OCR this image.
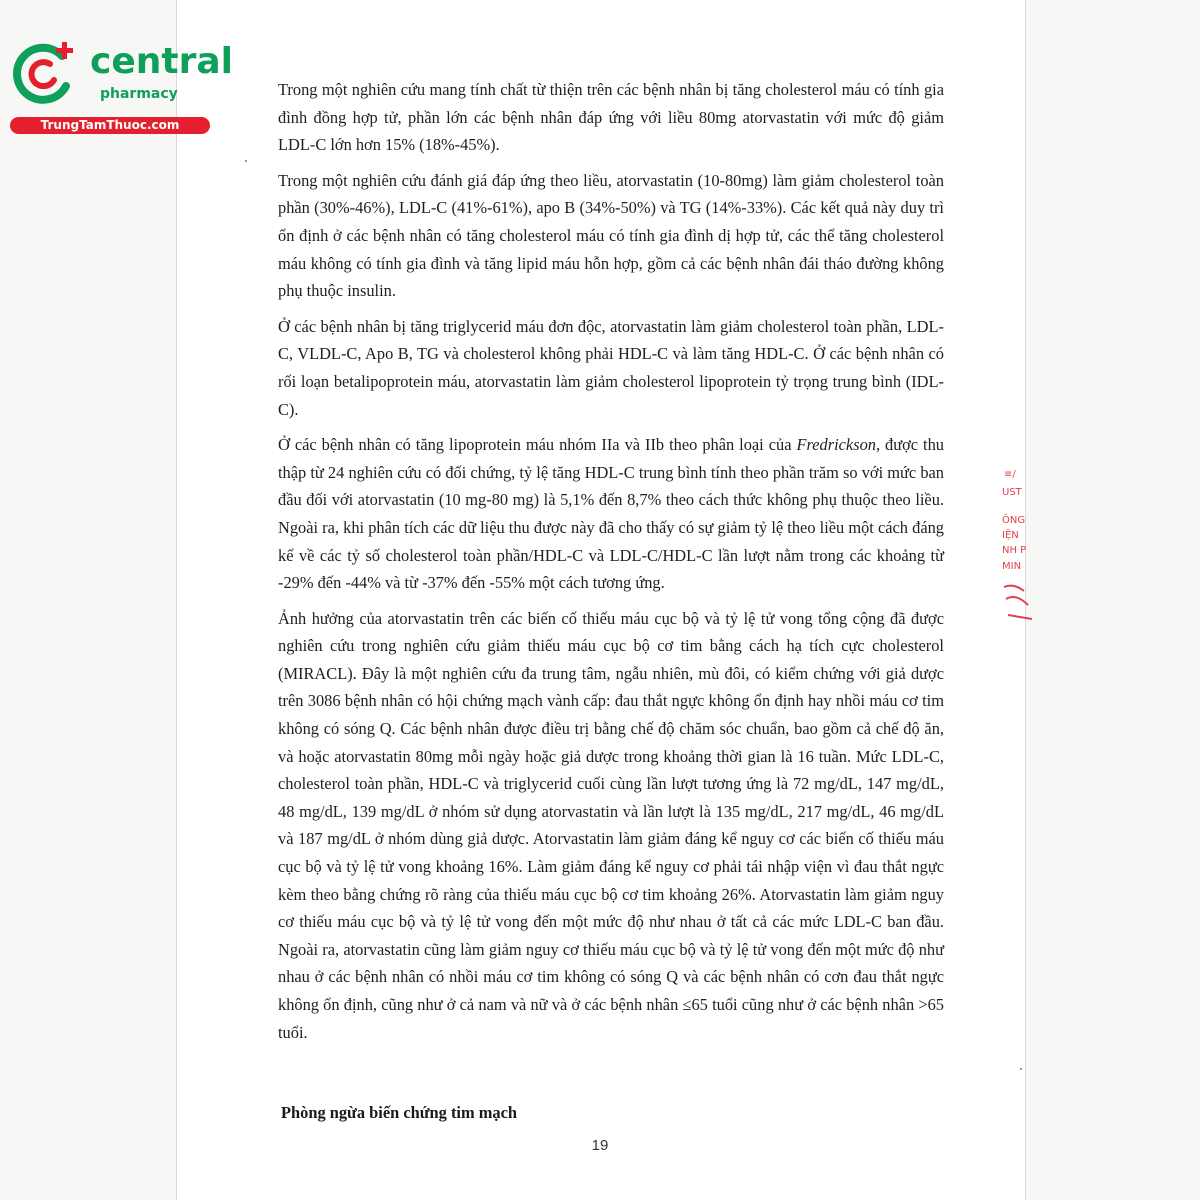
central
pharmacy
TrungTamThuoc.com

Trong một nghiên cứu mang tính chất từ thiện trên các bệnh nhân bị tăng cholesterol máu có tính gia đình đồng hợp tử, phần lớn các bệnh nhân đáp ứng với liều 80mg atorvastatin với mức độ giảm LDL-C lớn hơn 15% (18%-45%).

Trong một nghiên cứu đánh giá đáp ứng theo liều, atorvastatin (10-80mg) làm giảm cholesterol toàn phần (30%-46%), LDL-C (41%-61%), apo B (34%-50%) và TG (14%-33%). Các kết quả này duy trì ổn định ở các bệnh nhân có tăng cholesterol máu có tính gia đình dị hợp tử, các thể tăng cholesterol máu không có tính gia đình và tăng lipid máu hỗn hợp, gồm cả các bệnh nhân đái tháo đường không phụ thuộc insulin.

Ở các bệnh nhân bị tăng triglycerid máu đơn độc, atorvastatin làm giảm cholesterol toàn phần, LDL-C, VLDL-C, Apo B, TG và cholesterol không phải HDL-C và làm tăng HDL-C. Ở các bệnh nhân có rối loạn betalipoprotein máu, atorvastatin làm giảm cholesterol lipoprotein tỷ trọng trung bình (IDL-C).

Ở các bệnh nhân có tăng lipoprotein máu nhóm IIa và IIb theo phân loại của Fredrickson, được thu thập từ 24 nghiên cứu có đối chứng, tỷ lệ tăng HDL-C trung bình tính theo phần trăm so với mức ban đầu đối với atorvastatin (10 mg-80 mg) là 5,1% đến 8,7% theo cách thức không phụ thuộc theo liều. Ngoài ra, khi phân tích các dữ liệu thu được này đã cho thấy có sự giảm tỷ lệ theo liều một cách đáng kể về các tỷ số cholesterol toàn phần/HDL-C và LDL-C/HDL-C lần lượt nằm trong các khoảng từ -29% đến -44% và từ -37% đến -55% một cách tương ứng.

Ảnh hưởng của atorvastatin trên các biến cố thiếu máu cục bộ và tỷ lệ tử vong tổng cộng đã được nghiên cứu trong nghiên cứu giảm thiếu máu cục bộ cơ tim bằng cách hạ tích cực cholesterol (MIRACL). Đây là một nghiên cứu đa trung tâm, ngẫu nhiên, mù đôi, có kiểm chứng với giả dược trên 3086 bệnh nhân có hội chứng mạch vành cấp: đau thắt ngực không ổn định hay nhồi máu cơ tim không có sóng Q. Các bệnh nhân được điều trị bằng chế độ chăm sóc chuẩn, bao gồm cả chế độ ăn, và hoặc atorvastatin 80mg mỗi ngày hoặc giả dược trong khoảng thời gian là 16 tuần. Mức LDL-C, cholesterol toàn phần, HDL-C và triglycerid cuối cùng lần lượt tương ứng là 72 mg/dL, 147 mg/dL, 48 mg/dL, 139 mg/dL ở nhóm sử dụng atorvastatin và lần lượt là 135 mg/dL, 217 mg/dL, 46 mg/dL và 187 mg/dL ở nhóm dùng giả dược. Atorvastatin làm giảm đáng kể nguy cơ các biến cố thiếu máu cục bộ và tỷ lệ tử vong khoảng 16%. Làm giảm đáng kể nguy cơ phải tái nhập viện vì đau thắt ngực kèm theo bằng chứng rõ ràng của thiếu máu cục bộ cơ tim khoảng 26%. Atorvastatin làm giảm nguy cơ thiếu máu cục bộ và tỷ lệ tử vong đến một mức độ như nhau ở tất cả các mức LDL-C ban đầu. Ngoài ra, atorvastatin cũng làm giảm nguy cơ thiếu máu cục bộ và tỷ lệ tử vong đến một mức độ như nhau ở các bệnh nhân có nhồi máu cơ tim không có sóng Q và các bệnh nhân có cơn đau thắt ngực không ổn định, cũng như ở cả nam và nữ và ở các bệnh nhân ≤65 tuổi cũng như ở các bệnh nhân >65 tuổi.

Phòng ngừa biến chứng tim mạch
19
≡/
UST
ÔNG
IỆN
NH P
MIN
